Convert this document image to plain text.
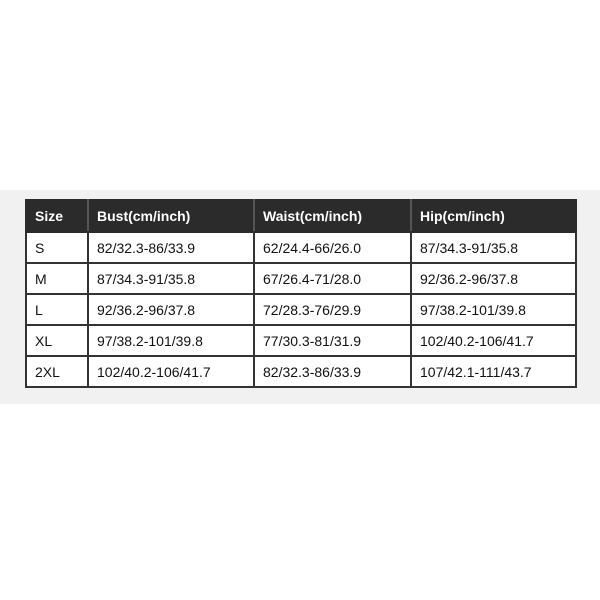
Size	Bust(cm/inch)	Waist(cm/inch)	Hip(cm/inch)
S	82/32.3-86/33.9	62/24.4-66/26.0	87/34.3-91/35.8
M	87/34.3-91/35.8	67/26.4-71/28.0	92/36.2-96/37.8
L	92/36.2-96/37.8	72/28.3-76/29.9	97/38.2-101/39.8
XL	97/38.2-101/39.8	77/30.3-81/31.9	102/40.2-106/41.7
2XL	102/40.2-106/41.7	82/32.3-86/33.9	107/42.1-111/43.7
